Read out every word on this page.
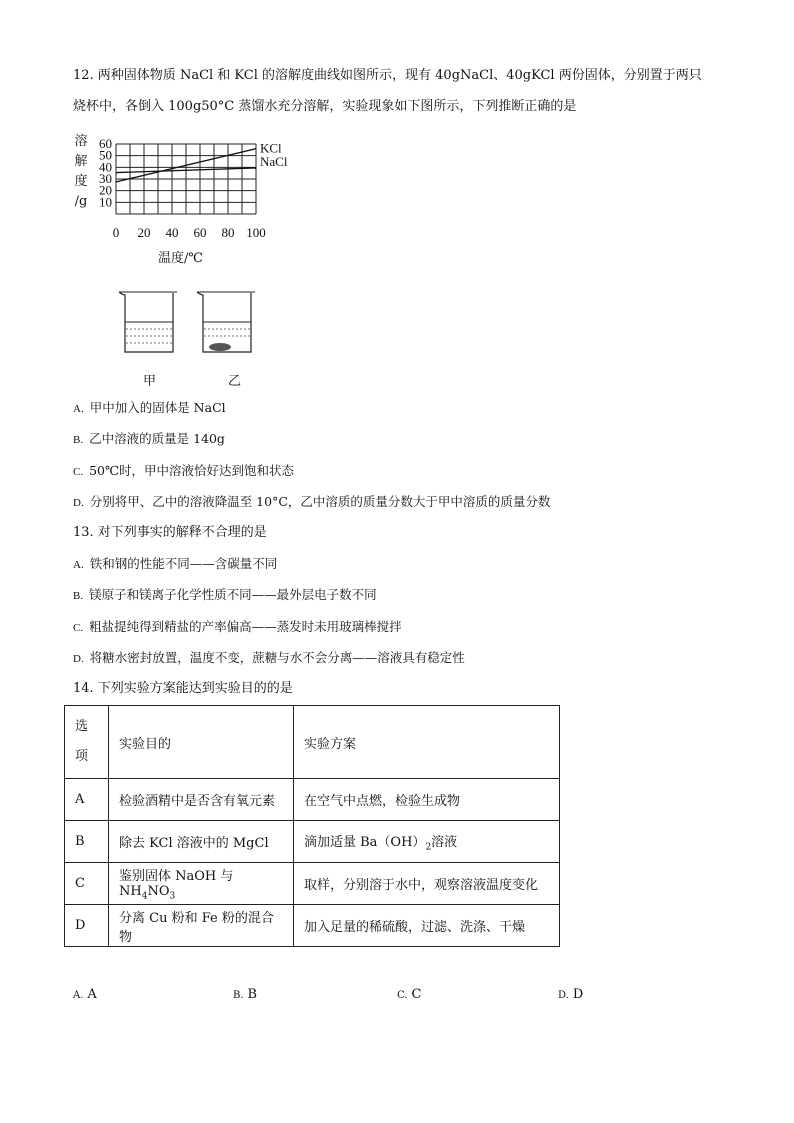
12. 两种固体物质 NaCl 和 KCl 的溶解度曲线如图所示，现有 40gNaCl、40gKCl 两份固体，分别置于两只
烧杯中，各倒入 100g50°C 蒸馏水充分溶解，实验现象如下图所示，下列推断正确的是
溶
解
度
/g
KCl
NaCl
10
20
30
40
50
60
0 20 40 60 80 100
温度/℃
甲	乙
A. 甲中加入的固体是 NaCl
B. 乙中溶液的质量是 140g
C. 50℃时，甲中溶液恰好达到饱和状态
D. 分别将甲、乙中的溶液降温至 10°C，乙中溶质的质量分数大于甲中溶质的质量分数
13. 对下列事实的解释不合理的是
A. 铁和钢的性能不同——含碳量不同
B. 镁原子和镁离子化学性质不同——最外层电子数不同
C. 粗盐提纯得到精盐的产率偏高——蒸发时未用玻璃棒搅拌
D. 将糖水密封放置，温度不变，蔗糖与水不会分离——溶液具有稳定性
14. 下列实验方案能达到实验目的的是
选
项	实验目的	实验方案
A	检验酒精中是否含有氧元素	在空气中点燃，检验生成物
B	除去 KCl 溶液中的 MgCl	滴加适量 $Ba(OH)_2$溶液
C	鉴别固体 NaOH 与 $NH_4NO_3$	取样，分别溶于水中，观察溶液温度变化
D	分离 Cu 粉和 Fe 粉的混合物	加入足量的稀硫酸，过滤、洗涤、干燥
A. A	B. B	C. C	D. D
